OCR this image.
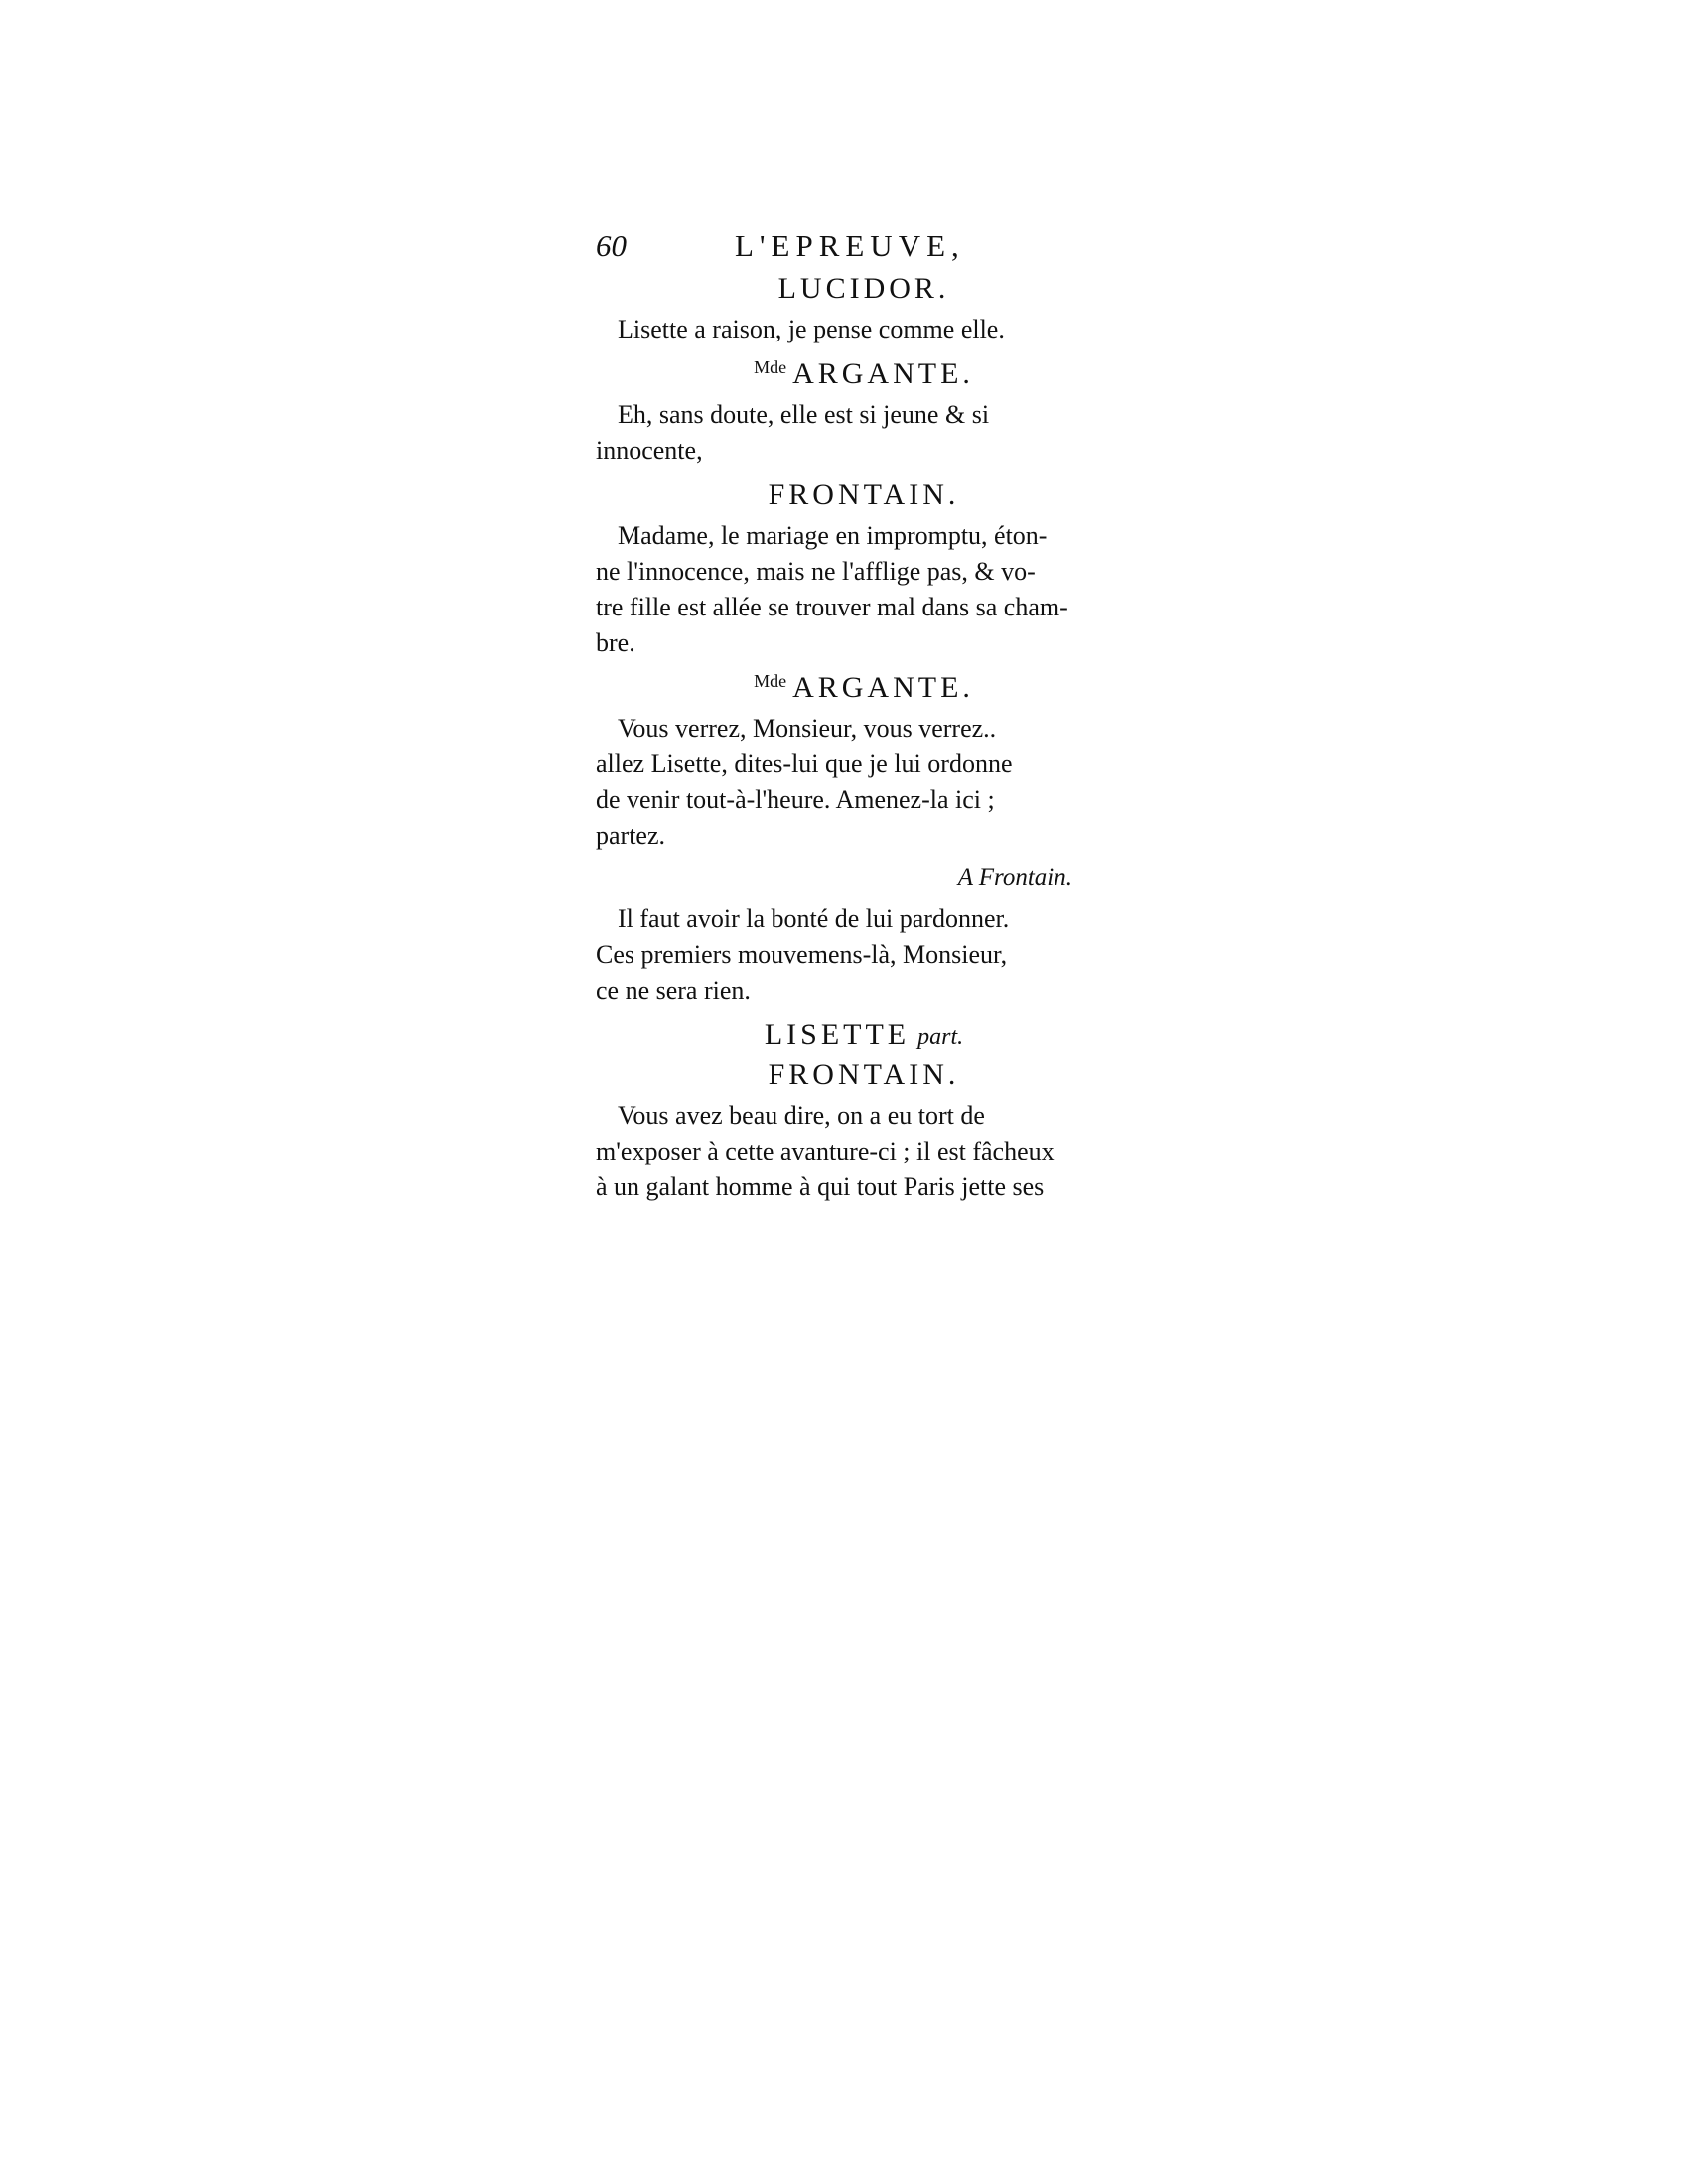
60	L'EPREUVE,
LUCIDOR.
Lisette a raison, je pense comme elle.
$^{Mde}$ ARGANTE.
Eh, sans doute, elle est si jeune & si
innocente,
FRONTAIN.
Madame, le mariage en impromptu, éton-
ne l'innocence, mais ne l'afflige pas, & vo-
tre fille est allée se trouver mal dans sa cham-
bre.
$^{Mde}$ ARGANTE.
Vous verrez, Monsieur, vous verrez..
allez Lisette, dites-lui que je lui ordonne
de venir tout-à-l'heure. Amenez-la ici ;
partez.
A Frontain.
Il faut avoir la bonté de lui pardonner.
Ces premiers mouvemens-là, Monsieur,
ce ne sera rien.
LISETTE part.
FRONTAIN.
Vous avez beau dire, on a eu tort de
m'exposer à cette avanture-ci ; il est fâcheux
à un galant homme à qui tout Paris jette ses
